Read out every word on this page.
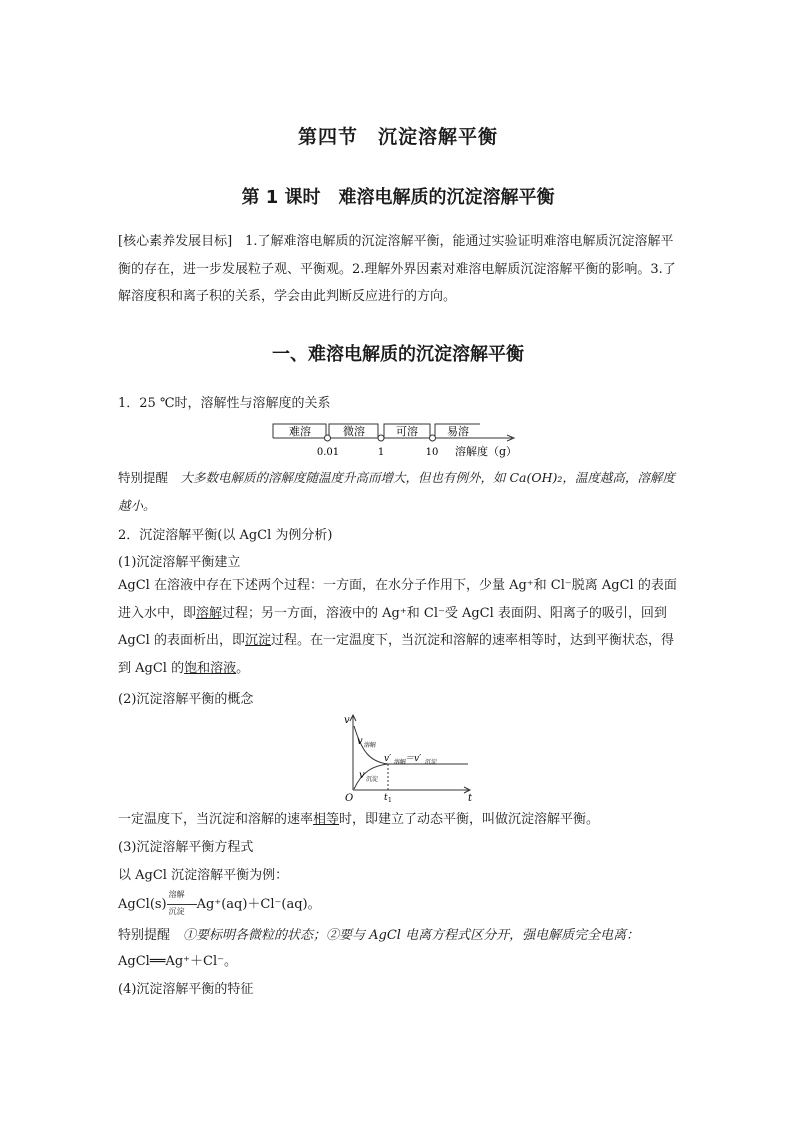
第四节　沉淀溶解平衡
第 1 课时　难溶电解质的沉淀溶解平衡
[核心素养发展目标]　1.了解难溶电解质的沉淀溶解平衡，能通过实验证明难溶电解质沉淀溶解平衡的存在，进一步发展粒子观、平衡观。2.理解外界因素对难溶电解质沉淀溶解平衡的影响。3.了解溶度积和离子积的关系，学会由此判断反应进行的方向。
一、难溶电解质的沉淀溶解平衡
1．25 ℃时，溶解性与溶解度的关系
难溶	微溶	可溶	易溶
0.01	1	10 溶解度（g）
特别提醒　大多数电解质的溶解度随温度升高而增大，但也有例外，如 Ca(OH)₂，温度越高，溶解度越小。
2．沉淀溶解平衡(以 AgCl 为例分析)
(1)沉淀溶解平衡建立
AgCl 在溶液中存在下述两个过程：一方面，在水分子作用下，少量 Ag⁺和 Cl⁻脱离 AgCl 的表面进入水中，即溶解过程；另一方面，溶液中的 Ag⁺和 Cl⁻受 AgCl 表面阴、阳离子的吸引，回到 AgCl 的表面析出，即沉淀过程。在一定温度下，当沉淀和溶解的速率相等时，达到平衡状态，得到 AgCl 的饱和溶液。
(2)沉淀溶解平衡的概念
v
t
O
v 溶解
v 沉淀
v′ 溶解
＝v′ 沉淀
t 1
一定温度下，当沉淀和溶解的速率相等时，即建立了动态平衡，叫做沉淀溶解平衡。
(3)沉淀溶解平衡方程式
以 AgCl 沉淀溶解平衡为例：
AgCl(s)
溶解
沉淀 Ag⁺(aq)＋Cl⁻(aq)。
特别提醒　①要标明各微粒的状态；②要与 AgCl 电离方程式区分开，强电解质完全电离：
AgCl══Ag⁺＋Cl⁻。
(4)沉淀溶解平衡的特征
